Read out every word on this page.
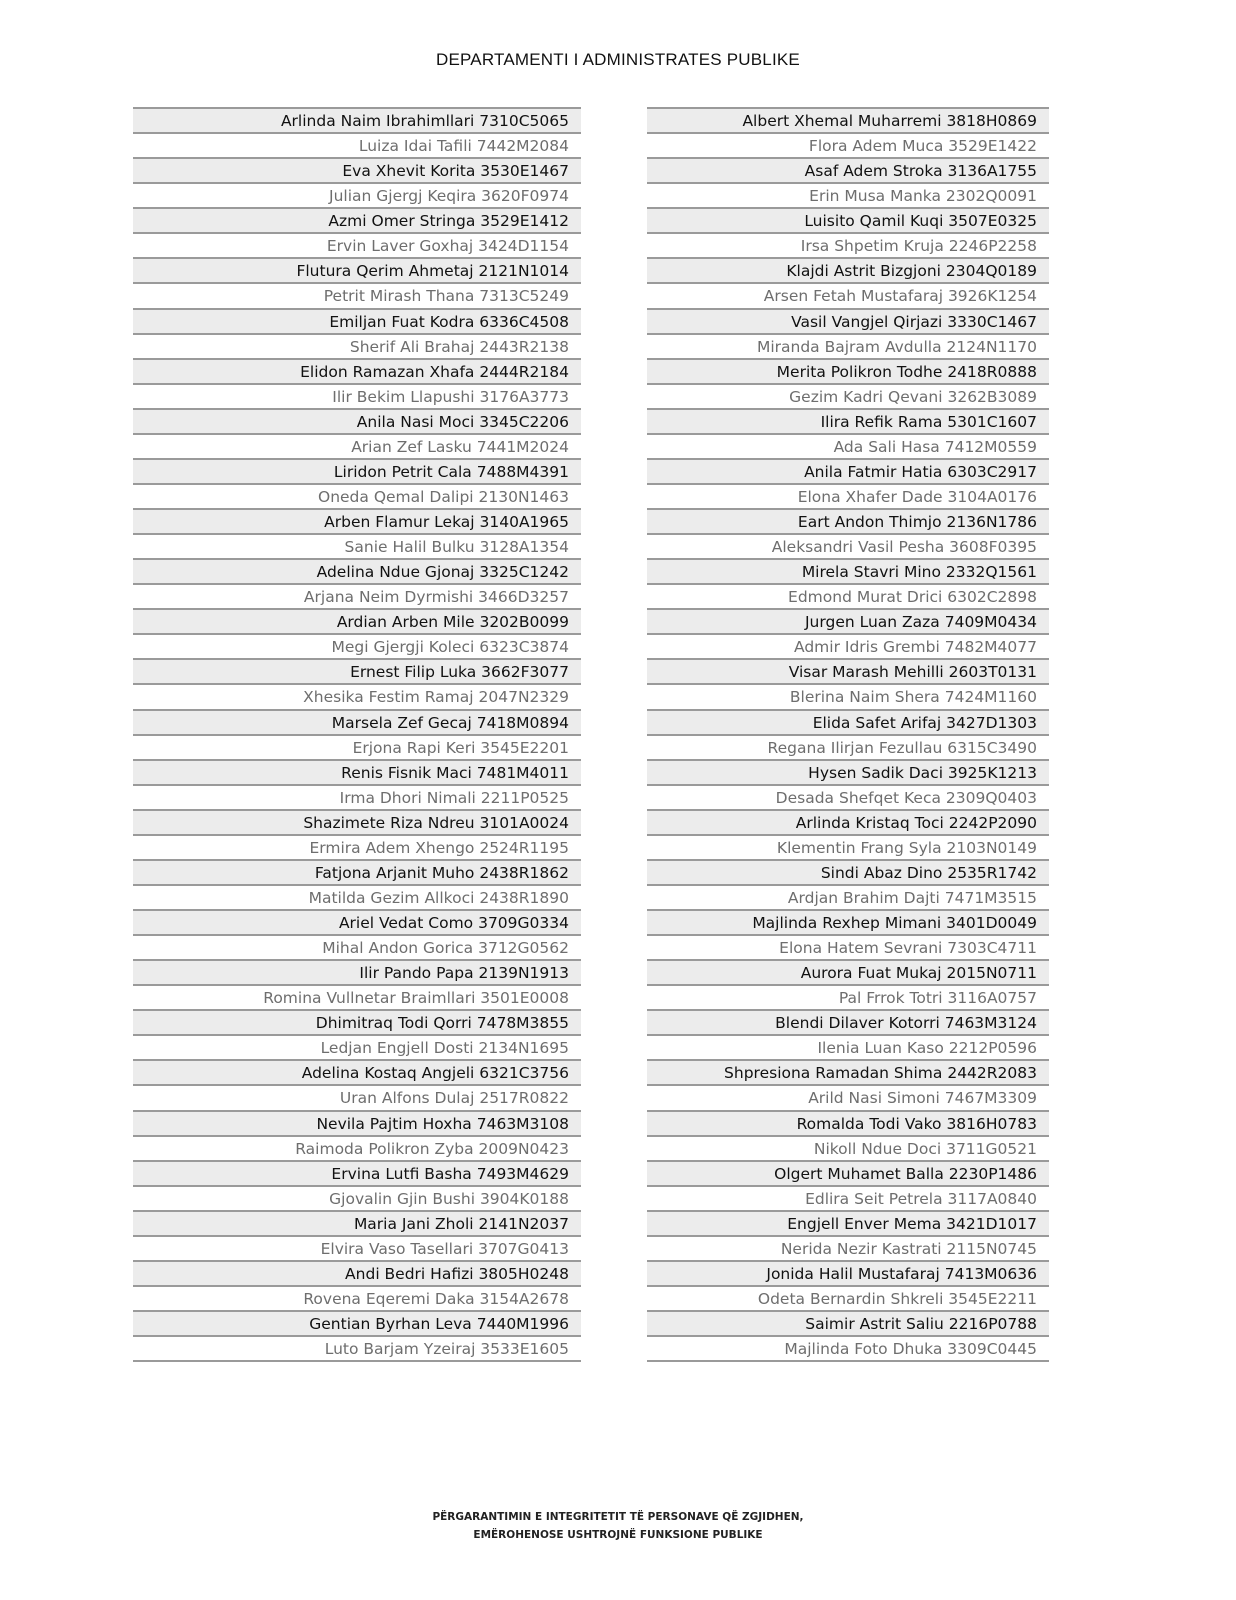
DEPARTAMENTI I ADMINISTRATES PUBLIKE
Arlinda Naim Ibrahimllari 7310C5065
Luiza Idai Tafili 7442M2084
Eva Xhevit Korita 3530E1467
Julian Gjergj Keqira 3620F0974
Azmi Omer Stringa 3529E1412
Ervin Laver Goxhaj 3424D1154
Flutura Qerim Ahmetaj 2121N1014
Petrit Mirash Thana 7313C5249
Emiljan Fuat Kodra 6336C4508
Sherif Ali Brahaj 2443R2138
Elidon Ramazan Xhafa 2444R2184
Ilir Bekim Llapushi 3176A3773
Anila Nasi Moci 3345C2206
Arian Zef Lasku 7441M2024
Liridon Petrit Cala 7488M4391
Oneda Qemal Dalipi 2130N1463
Arben Flamur Lekaj 3140A1965
Sanie Halil Bulku 3128A1354
Adelina Ndue Gjonaj 3325C1242
Arjana Neim Dyrmishi 3466D3257
Ardian Arben Mile 3202B0099
Megi Gjergji Koleci 6323C3874
Ernest Filip Luka 3662F3077
Xhesika Festim Ramaj 2047N2329
Marsela Zef Gecaj 7418M0894
Erjona Rapi Keri 3545E2201
Renis Fisnik Maci 7481M4011
Irma Dhori Nimali 2211P0525
Shazimete Riza Ndreu 3101A0024
Ermira Adem Xhengo 2524R1195
Fatjona Arjanit Muho 2438R1862
Matilda Gezim Allkoci 2438R1890
Ariel Vedat Como 3709G0334
Mihal Andon Gorica 3712G0562
Ilir Pando Papa 2139N1913
Romina Vullnetar Braimllari 3501E0008
Dhimitraq Todi Qorri 7478M3855
Ledjan Engjell Dosti 2134N1695
Adelina Kostaq Angjeli 6321C3756
Uran Alfons Dulaj 2517R0822
Nevila Pajtim Hoxha 7463M3108
Raimoda Polikron Zyba 2009N0423
Ervina Lutfi Basha 7493M4629
Gjovalin Gjin Bushi 3904K0188
Maria Jani Zholi 2141N2037
Elvira Vaso Tasellari 3707G0413
Andi Bedri Hafizi 3805H0248
Rovena Eqeremi Daka 3154A2678
Gentian Byrhan Leva 7440M1996
Luto Barjam Yzeiraj 3533E1605
Albert Xhemal Muharremi 3818H0869
Flora Adem Muca 3529E1422
Asaf Adem Stroka 3136A1755
Erin Musa Manka 2302Q0091
Luisito Qamil Kuqi 3507E0325
Irsa Shpetim Kruja 2246P2258
Klajdi Astrit Bizgjoni 2304Q0189
Arsen Fetah Mustafaraj 3926K1254
Vasil Vangjel Qirjazi 3330C1467
Miranda Bajram Avdulla 2124N1170
Merita Polikron Todhe 2418R0888
Gezim Kadri Qevani 3262B3089
Ilira Refik Rama 5301C1607
Ada Sali Hasa 7412M0559
Anila Fatmir Hatia 6303C2917
Elona Xhafer Dade 3104A0176
Eart Andon Thimjo 2136N1786
Aleksandri Vasil Pesha 3608F0395
Mirela Stavri Mino 2332Q1561
Edmond Murat Drici 6302C2898
Jurgen Luan Zaza 7409M0434
Admir Idris Grembi 7482M4077
Visar Marash Mehilli 2603T0131
Blerina Naim Shera 7424M1160
Elida Safet Arifaj 3427D1303
Regana Ilirjan Fezullau 6315C3490
Hysen Sadik Daci 3925K1213
Desada Shefqet Keca 2309Q0403
Arlinda Kristaq Toci 2242P2090
Klementin Frang Syla 2103N0149
Sindi Abaz Dino 2535R1742
Ardjan Brahim Dajti 7471M3515
Majlinda Rexhep Mimani 3401D0049
Elona Hatem Sevrani 7303C4711
Aurora Fuat Mukaj 2015N0711
Pal Frrok Totri 3116A0757
Blendi Dilaver Kotorri 7463M3124
Ilenia Luan Kaso 2212P0596
Shpresiona Ramadan Shima 2442R2083
Arild Nasi Simoni 7467M3309
Romalda Todi Vako 3816H0783
Nikoll Ndue Doci 3711G0521
Olgert Muhamet Balla 2230P1486
Edlira Seit Petrela 3117A0840
Engjell Enver Mema 3421D1017
Nerida Nezir Kastrati 2115N0745
Jonida Halil Mustafaraj 7413M0636
Odeta Bernardin Shkreli 3545E2211
Saimir Astrit Saliu 2216P0788
Majlinda Foto Dhuka 3309C0445
PËRGARANTIMIN E INTEGRITETIT TË PERSONAVE QË ZGJIDHEN,
EMËROHENOSE USHTROJNË FUNKSIONE PUBLIKE
